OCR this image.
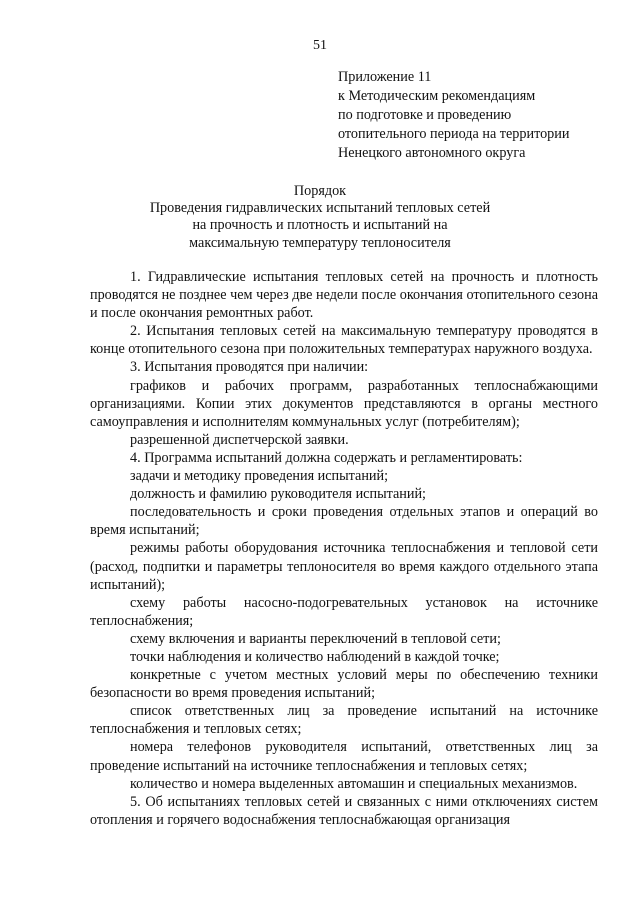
51
Приложение 11
к Методическим рекомендациям
по подготовке и проведению
отопительного периода на территории
Ненецкого автономного округа
Порядок
Проведения гидравлических испытаний тепловых сетей
на прочность и плотность и испытаний на
максимальную температуру теплоносителя

1. Гидравлические испытания тепловых сетей на прочность и плотность проводятся не позднее чем через две недели после окончания отопительного сезона и после окончания ремонтных работ.

2. Испытания тепловых сетей на максимальную температуру проводятся в конце отопительного сезона при положительных температурах наружного воздуха.

3. Испытания проводятся при наличии:

графиков и рабочих программ, разработанных теплоснабжающими организациями. Копии этих документов представляются в органы местного самоуправления и исполнителям коммунальных услуг (потребителям);

разрешенной диспетчерской заявки.

4. Программа испытаний должна содержать и регламентировать:

задачи и методику проведения испытаний;

должность и фамилию руководителя испытаний;

последовательность и сроки проведения отдельных этапов и операций во время испытаний;

режимы работы оборудования источника теплоснабжения и тепловой сети (расход, подпитки и параметры теплоносителя во время каждого отдельного этапа испытаний);

схему работы насосно-подогревательных установок на источнике теплоснабжения;

схему включения и варианты переключений в тепловой сети;

точки наблюдения и количество наблюдений в каждой точке;

конкретные с учетом местных условий меры по обеспечению техники безопасности во время проведения испытаний;

список ответственных лиц за проведение испытаний на источнике теплоснабжения и тепловых сетях;

номера телефонов руководителя испытаний, ответственных лиц за проведение испытаний на источнике теплоснабжения и тепловых сетях;

количество и номера выделенных автомашин и специальных механизмов.

5. Об испытаниях тепловых сетей и связанных с ними отключениях систем отопления и горячего водоснабжения теплоснабжающая организация
